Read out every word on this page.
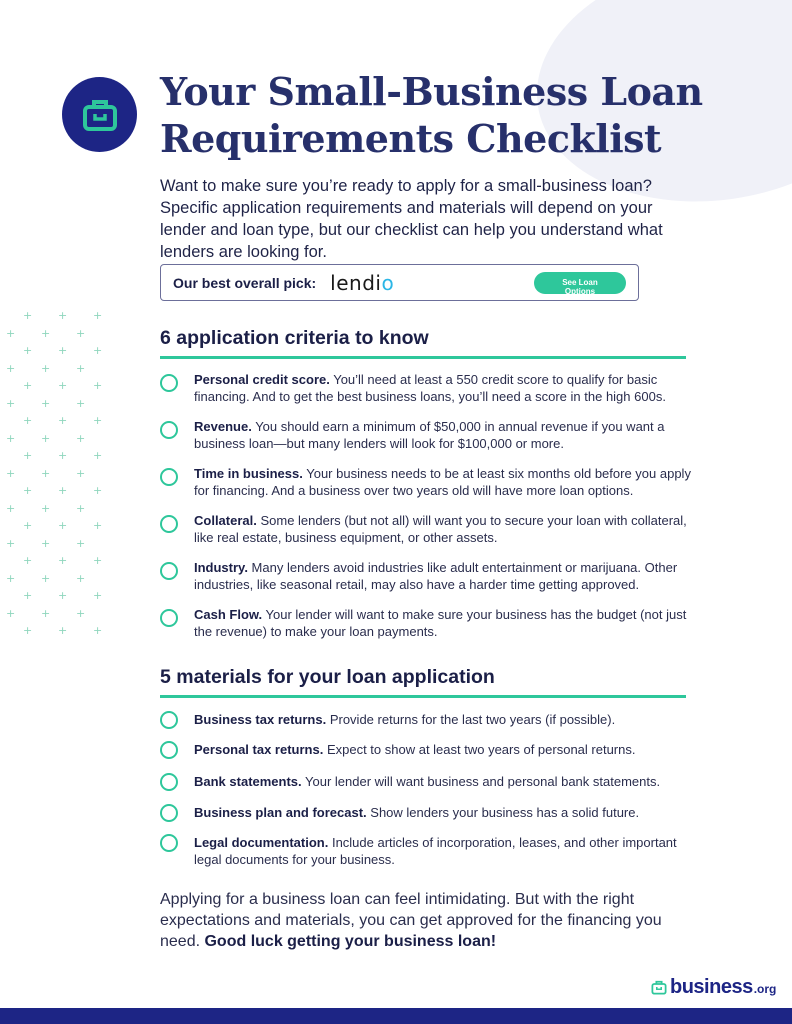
+ + +
+ + +
+ + +
+ + +
+ + +
+ + +
+ + +
+ + +
+ + +
+ + +
+ + +
+ + +
+ + +
+ + +
+ + +
+ + +
+ + +
+ + +
+ + +
Your Small-Business Loan
Requirements Checklist

Want to make sure you’re ready to apply for a small-business loan? Specific application requirements and materials will depend on your lender and loan type, but our checklist can help you understand what lenders are looking for.

Our best overall pick: lendio	See Loan Options
6 application criteria to know
Personal credit score. You’ll need at least a 550 credit score to qualify for basic financing. And to get the best business loans, you’ll need a score in the high 600s.
Revenue. You should earn a minimum of $50,000 in annual revenue if you want a business loan—but many lenders will look for $100,000 or more.
Time in business. Your business needs to be at least six months old before you apply for financing. And a business over two years old will have more loan options.
Collateral. Some lenders (but not all) will want you to secure your loan with collateral, like real estate, business equipment, or other assets.
Industry. Many lenders avoid industries like adult entertainment or marijuana. Other industries, like seasonal retail, may also have a harder time getting approved.
Cash Flow. Your lender will want to make sure your business has the budget (not just the revenue) to make your loan payments.
5 materials for your loan application
Business tax returns. Provide returns for the last two years (if possible).
Personal tax returns. Expect to show at least two years of personal returns.
Bank statements. Your lender will want business and personal bank statements.
Business plan and forecast. Show lenders your business has a solid future.
Legal documentation. Include articles of incorporation, leases, and other important legal documents for your business.

Applying for a business loan can feel intimidating. But with the right expectations and materials, you can get approved for the financing you need. Good luck getting your business loan!

business .org
